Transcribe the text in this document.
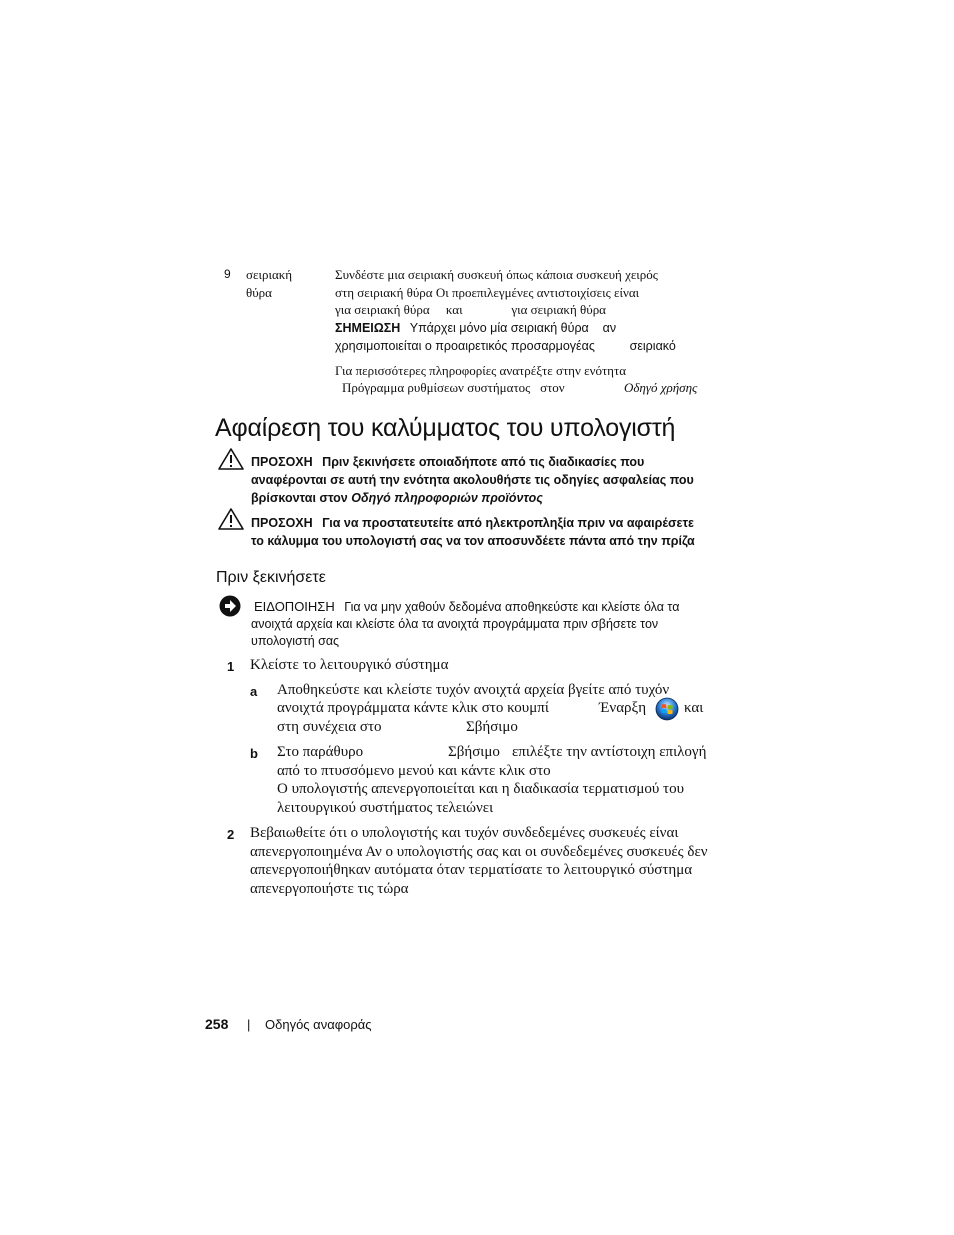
9 σειριακή
θύρα
Συνδέστε μια σειριακή συσκευή όπως κάποια συσκευή χειρός
στη σειριακή θύρα Οι προεπιλεγμένες αντιστοιχίσεις είναι
για σειριακή θύρα     και               για σειριακή θύρα
ΣΗΜΕΙΩΣΗ Υπάρχει μόνο μία σειριακή θύρα    αν
χρησιμοποιείται ο προαιρετικός προσαρμογέας          σειριακό
Για περισσότερες πληροφορίες ανατρέξτε στην ενότητα
Πρόγραμμα ρυθμίσεων συστήματος   στον	Οδηγό χρήσης
Αφαίρεση του καλύμματος του υπολογιστή
ΠΡΟΣΟΧΗ Πριν ξεκινήσετε οποιαδήποτε από τις διαδικασίες που
αναφέρονται σε αυτή την ενότητα ακολουθήστε τις οδηγίες ασφαλείας που
βρίσκονται στον Οδηγό πληροφοριών προϊόντος
ΠΡΟΣΟΧΗ Για να προστατευτείτε από ηλεκτροπληξία πριν να αφαιρέσετε
το κάλυμμα του υπολογιστή σας να τον αποσυνδέετε πάντα από την πρίζα
Πριν ξεκινήσετε
ΕΙΔΟΠΟΙΗΣΗ Για να μην χαθούν δεδομένα αποθηκεύστε και κλείστε όλα τα
ανοιχτά αρχεία και κλείστε όλα τα ανοιχτά προγράμματα πριν σβήσετε τον
υπολογιστή σας
1 Κλείστε το λειτουργικό σύστημα
a Αποθηκεύστε και κλείστε τυχόν ανοιχτά αρχεία βγείτε από τυχόν
ανοιχτά προγράμματα κάντε κλικ στο κουμπί	Έναρξη	και
στη συνέχεια στο	Σβήσιμο
b Στο παράθυρο	Σβήσιμο επιλέξτε την αντίστοιχη επιλογή
από το πτυσσόμενο μενού και κάντε κλικ στο
Ο υπολογιστής απενεργοποιείται και η διαδικασία τερματισμού του
λειτουργικού συστήματος τελειώνει
2 Βεβαιωθείτε ότι ο υπολογιστής και τυχόν συνδεδεμένες συσκευές είναι
απενεργοποιημένα Αν ο υπολογιστής σας και οι συνδεδεμένες συσκευές δεν
απενεργοποιήθηκαν αυτόματα όταν τερματίσατε το λειτουργικό σύστημα
απενεργοποιήστε τις τώρα
258 | Οδηγός αναφοράς
